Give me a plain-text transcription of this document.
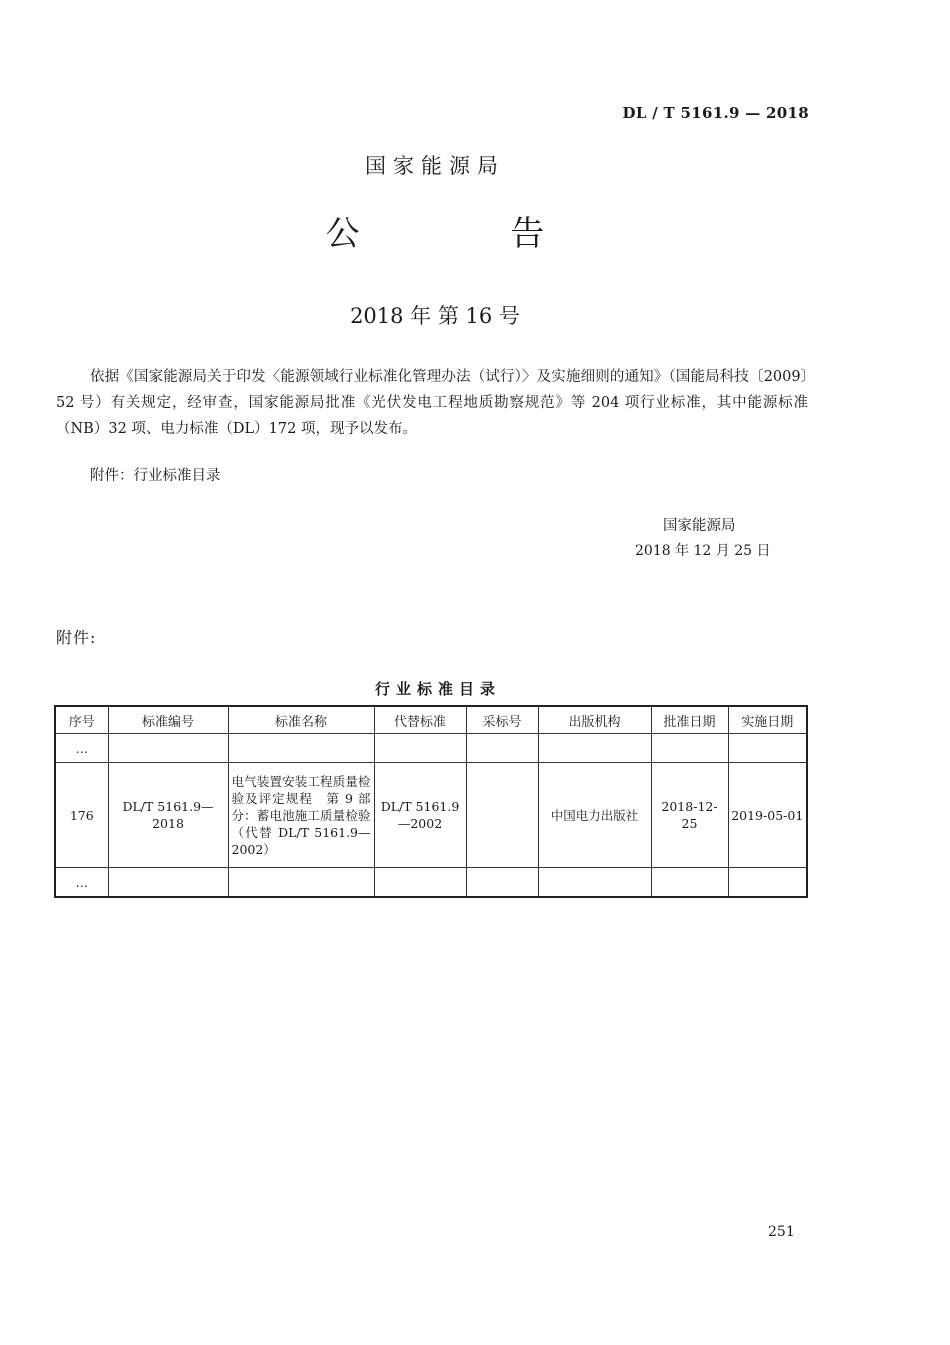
DL / T 5161.9 — 2018
国家能源局
公 告
2018 年 第 16 号
依据《国家能源局关于印发〈能源领域行业标准化管理办法（试行）〉及实施细则的通知》（国能局科技〔2009〕52 号）有关规定，经审查，国家能源局批准《光伏发电工程地质勘察规范》等 204 项行业标准，其中能源标准（NB）32 项、电力标准（DL）172 项，现予以发布。
附件：行业标准目录
国家能源局
2018 年 12 月 25 日
附件:
行业标准目录
序号	标准编号	标准名称	代替标准	采标号	出版机构	批准日期	实施日期
…							
176	DL/T 5161.9—2018	电气装置安装工程质量检验及评定规程　第 9 部分：蓄电池施工质量检验（代替 DL/T 5161.9—2002）	DL/T 5161.9—2002		中国电力出版社	2018-12-25	2019-05-01
…							
251
